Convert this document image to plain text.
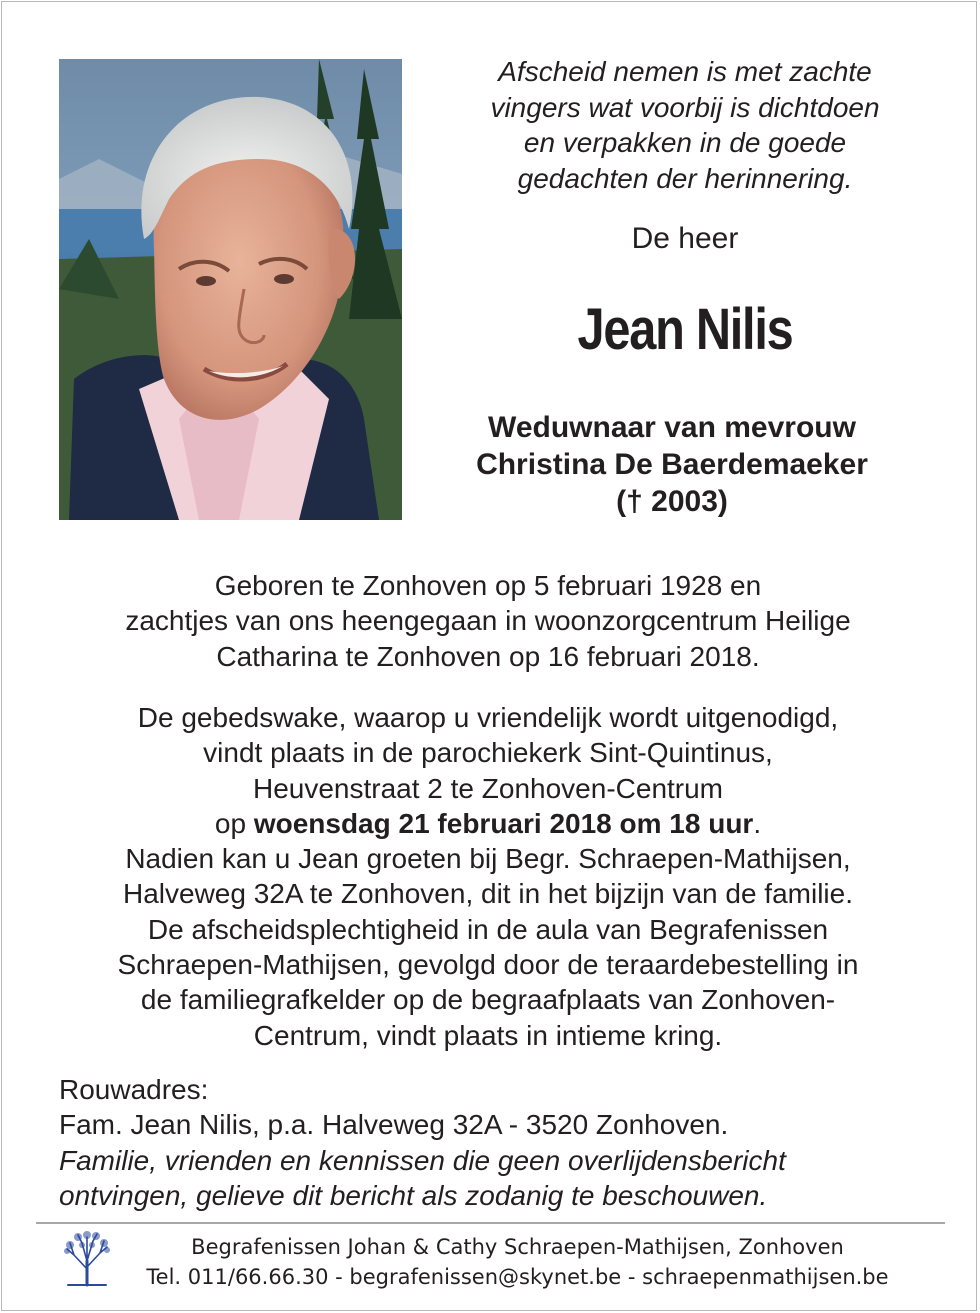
Afscheid nemen is met zachte
vingers wat voorbij is dichtdoen
en verpakken in de goede
gedachten der herinnering.
De heer
Jean Nilis
Weduwnaar van mevrouw
Christina De Baerdemaeker
(† 2003)
Geboren te Zonhoven op 5 februari 1928 en
zachtjes van ons heengegaan in woonzorgcentrum Heilige
Catharina te Zonhoven op 16 februari 2018.
De gebedswake, waarop u vriendelijk wordt uitgenodigd,
vindt plaats in de parochiekerk Sint-Quintinus,
Heuvenstraat 2 te Zonhoven-Centrum
op woensdag 21 februari 2018 om 18 uur.
Nadien kan u Jean groeten bij Begr. Schraepen-Mathijsen,
Halveweg 32A te Zonhoven, dit in het bijzijn van de familie.
De afscheidsplechtigheid in de aula van Begrafenissen
Schraepen-Mathijsen, gevolgd door de teraardebestelling in
de familiegrafkelder op de begraafplaats van Zonhoven-
Centrum, vindt plaats in intieme kring.
Rouwadres:
Fam. Jean Nilis, p.a. Halveweg 32A - 3520 Zonhoven.
Familie, vrienden en kennissen die geen overlijdensbericht
ontvingen, gelieve dit bericht als zodanig te beschouwen.
Begrafenissen Johan & Cathy Schraepen-Mathijsen, Zonhoven
Tel. 011/66.66.30 - begrafenissen@skynet.be - schraepenmathijsen.be
